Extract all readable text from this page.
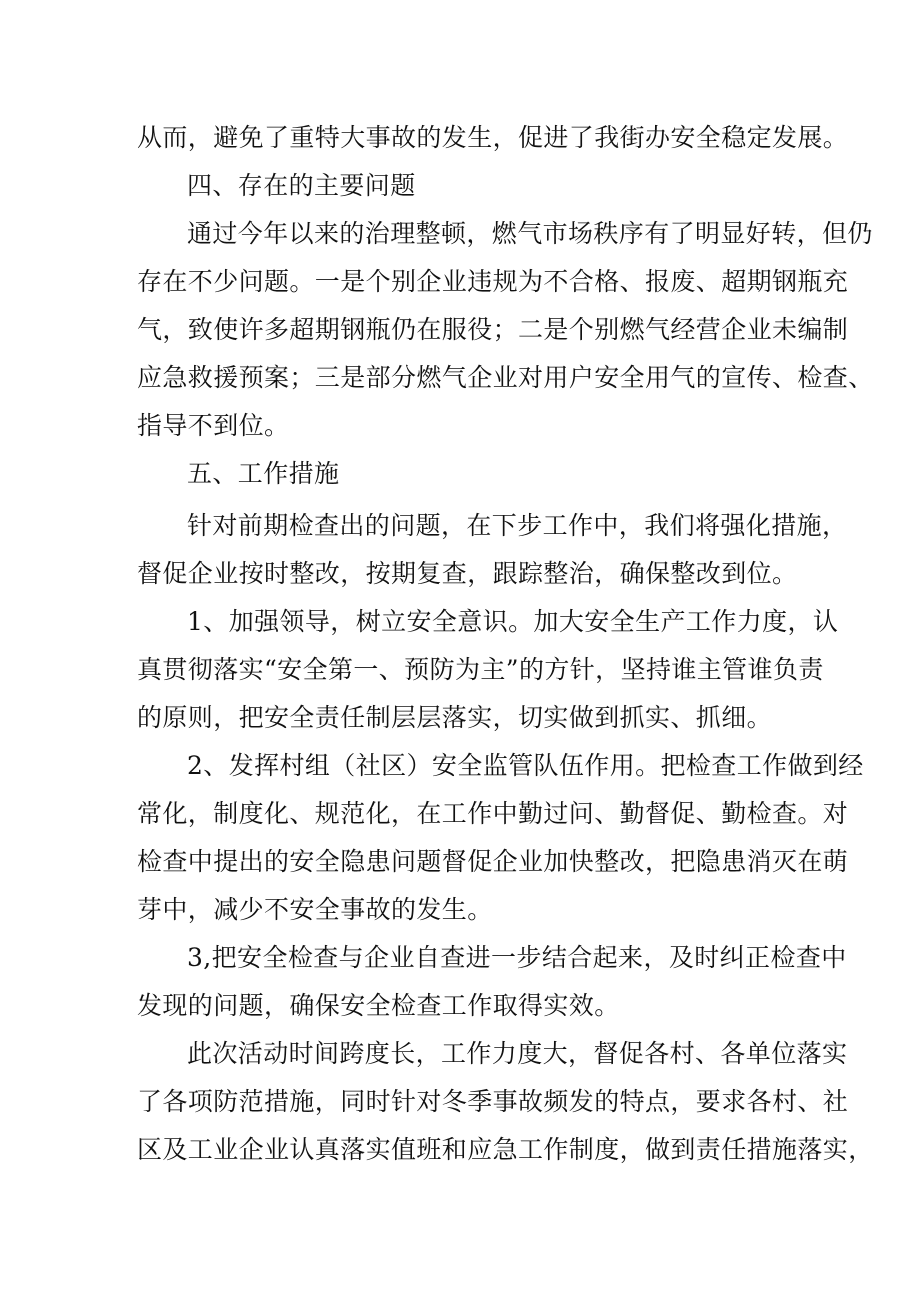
从而，避免了重特大事故的发生，促进了我街办安全稳定发展。
四、存在的主要问题
通过今年以来的治理整顿，燃气市场秩序有了明显好转，但仍
存在不少问题。一是个别企业违规为不合格、报废、超期钢瓶充
气，致使许多超期钢瓶仍在服役；二是个别燃气经营企业未编制
应急救援预案；三是部分燃气企业对用户安全用气的宣传、检查、
指导不到位。
五、工作措施
针对前期检查出的问题，在下步工作中，我们将强化措施，
督促企业按时整改，按期复查，跟踪整治，确保整改到位。
1、加强领导，树立安全意识。加大安全生产工作力度，认
真贯彻落实“安全第一、预防为主”的方针，坚持谁主管谁负责
的原则，把安全责任制层层落实，切实做到抓实、抓细。
2、发挥村组（社区）安全监管队伍作用。把检查工作做到经
常化，制度化、规范化，在工作中勤过问、勤督促、勤检查。对
检查中提出的安全隐患问题督促企业加快整改，把隐患消灭在萌
芽中，减少不安全事故的发生。
3,把安全检查与企业自查进一步结合起来，及时纠正检查中
发现的问题，确保安全检查工作取得实效。
此次活动时间跨度长，工作力度大，督促各村、各单位落实
了各项防范措施，同时针对冬季事故频发的特点，要求各村、社
区及工业企业认真落实值班和应急工作制度，做到责任措施落实，
